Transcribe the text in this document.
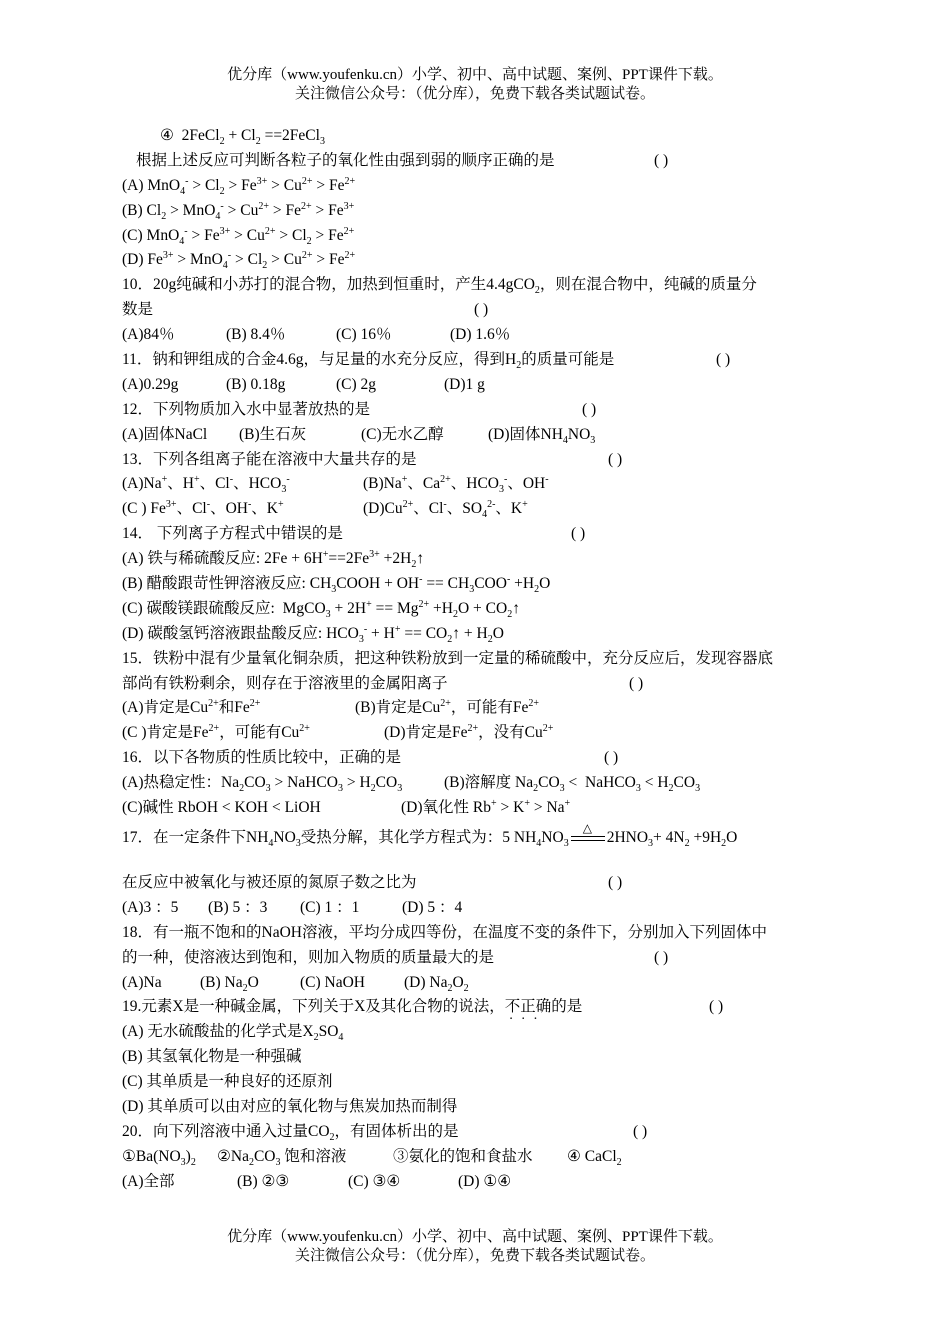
优分库（www.youfenku.cn）小学、初中、高中试题、案例、PPT课件下载。
关注微信公众号：（优分库），免费下载各类试题试卷。
④  2FeCl$_2$ + $Cl_2$ ==2FeCl$_3$
根据上述反应可判断各粒子的氧化性由强到弱的顺序正确的是	( )
(A) $MnO_4^- > Cl_2 > Fe^{3+} > Cu^{2+} > Fe^{2+}$
(B) $Cl_2 > MnO_4^- > Cu^{2+} > Fe^{2+} > Fe^{3+}$
(C) $MnO_4^- > Fe^{3+} > Cu^{2+} > Cl_2 > Fe^{2+}$
(D) $Fe^{3+} > MnO_4^- > Cl_2 > Cu^{2+} > Fe^{2+}$
10．20g纯碱和小苏打的混合物，加热到恒重时，产生4.4gCO$_2$，则在混合物中，纯碱的质量分
数是	( )
(A)84％	(B) 8.4％	(C) 16％	(D) 1.6％
11．钠和钾组成的合金4.6g，与足量的水充分反应，得到$H_2$的质量可能是	( )
(A)0.29g	(B) 0.18g	(C) 2g	(D)1 g
12．下列物质加入水中显著放热的是	( )
(A)固体NaCl (B)生石灰	(C)无水乙醇	(D)固体$NH_4NO_3$
13．下列各组离子能在溶液中大量共存的是	( )
(A)Na+、H+、Cl-、$HCO_3^-$	(B)Na+、$Ca^{2+}$、$HCO_3^-$、OH-
(C ) $Fe^{3+}$、Cl-、OH-、K+	$(D)Cu^{2+}$、Cl-、$SO_4^{2-}$、K+
14． 下列离子方程式中错误的是	( )
(A) 铁与稀硫酸反应: $2Fe + 6H^+==2Fe^{3+}$ $+2H_2↑$
(B) 醋酸跟苛性钾溶液反应: $CH_3COOH + OH^- == CH_3COO^- +H_2O$
(C) 碳酸镁跟硫酸反应:  MgCO$_3$ + $2H^+ == Mg^{2+} +H_2O$ + $CO_2↑$
(D) 碳酸氢钙溶液跟盐酸反应: $HCO_3^- + H^+$ == $CO_2↑ + H_2O$
15．铁粉中混有少量氧化铜杂质，把这种铁粉放到一定量的稀硫酸中，充分反应后，发现容器底
部尚有铁粉剩余，则存在于溶液里的金属阳离子	( )
(A)肯定是$Cu^{2+}$和$Fe^{2+}$	(B)肯定是$Cu^{2+}$，可能有$Fe^{2+}$
(C )肯定是$Fe^{2+}$，可能有$Cu^{2+}$	(D)肯定是$Fe^{2+}$，没有$Cu^{2+}$
16．以下各物质的性质比较中，正确的是	( )
(A)热稳定性：$Na_2CO_3$ > NaHCO$_3$ > $H_2CO_3$	(B)溶解度 $Na_2CO_3$ <  NaHCO$_3$ < $H_2CO_3$
(C)碱性 RbOH < KOH < LiOH	(D)氧化性 Rb+ > K+ > Na+
17．在一定条件下$NH_4NO_3$受热分解，其化学方程式为：5 $NH_4NO_3$
△
$2HNO_3+ 4N_2 +9H_2O$
在反应中被氧化与被还原的氮原子数之比为	( )
(A)3 ：5 (B) 5 ：3 (C) 1 ：1	(D) 5 ：4
18．有一瓶不饱和的NaOH溶液，平均分成四等份，在温度不变的条件下，分别加入下列固体中
的一种，使溶液达到饱和，则加入物质的质量最大的是	( )
(A)Na (B) $Na_2O$	(C) NaOH	(D) $Na_2O_2$
19.元素X是一种碱金属，下列关于X及其化合物的说法，不正确 · · ·的是	( )
(A) 无水硫酸盐的化学式是$X_2SO_4$
(B) 其氢氧化物是一种强碱
(C) 其单质是一种良好的还原剂
(D) 其单质可以由对应的氧化物与焦炭加热而制得
20．向下列溶液中通入过量$CO_2$，有固体析出的是	( )
$①Ba(NO_3)_2$ $②Na_2CO_3$ 饱和溶液	③氨化的饱和食盐水 ④ CaCl$_2$
(A)全部	(B) ②③	(C) ③④	(D) ①④
优分库（www.youfenku.cn）小学、初中、高中试题、案例、PPT课件下载。
关注微信公众号：（优分库），免费下载各类试题试卷。
